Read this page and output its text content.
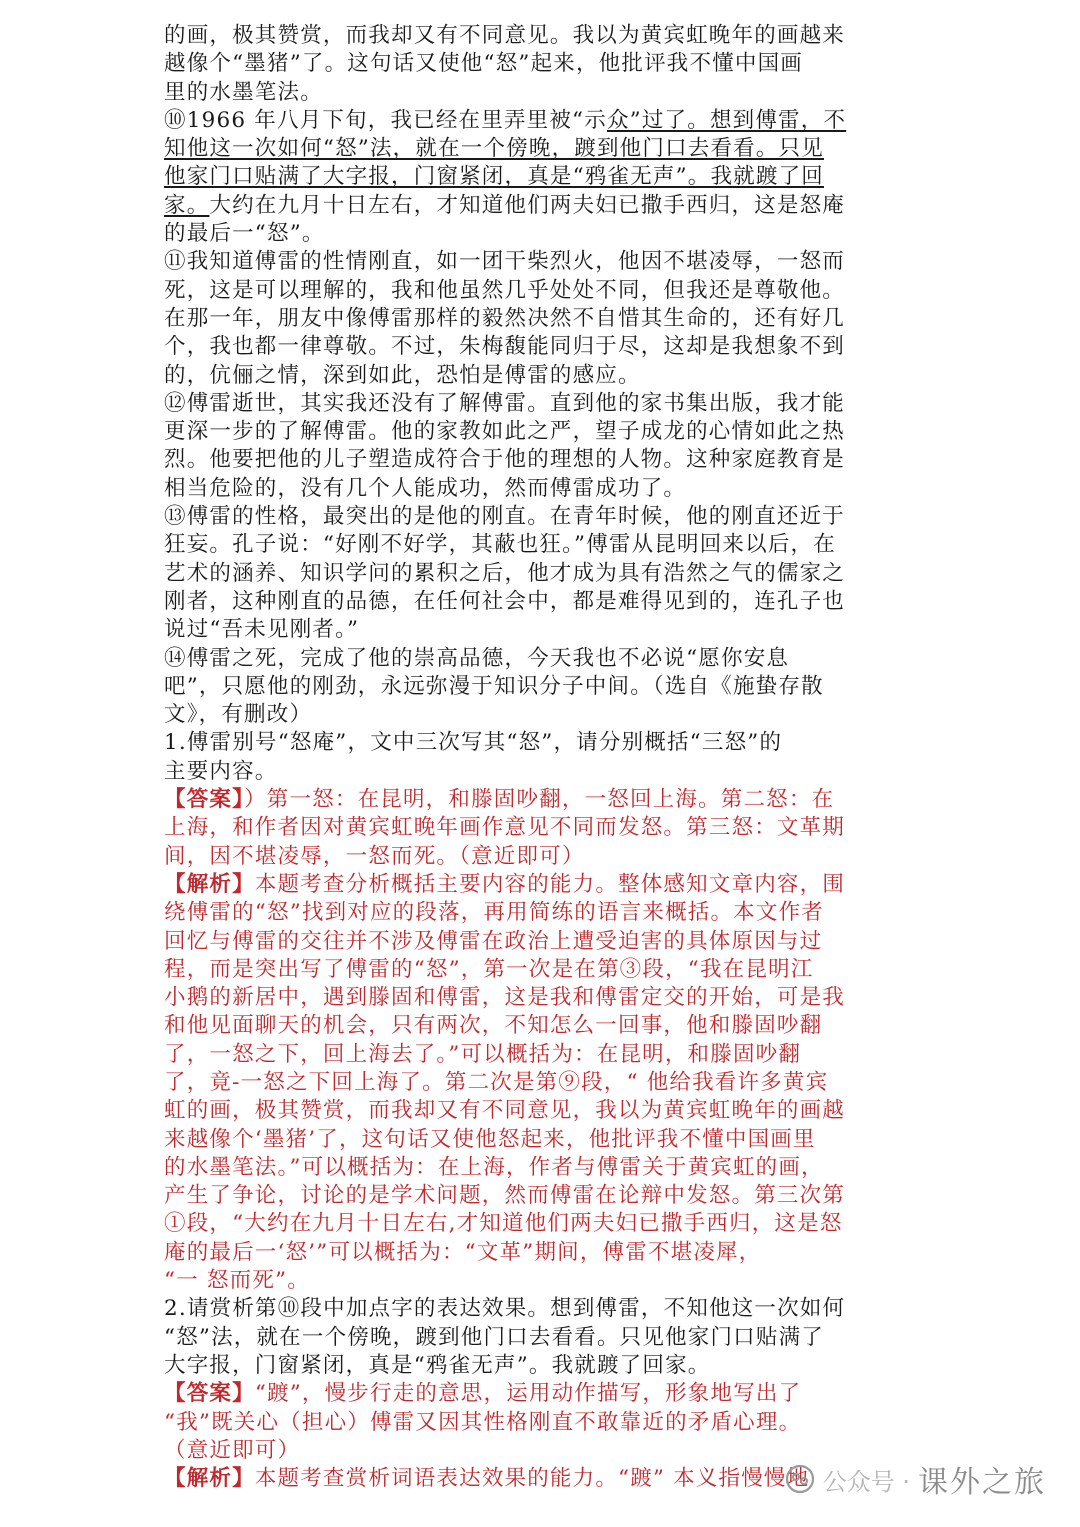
的画，极其赞赏，而我却又有不同意见。我以为黄宾虹晚年的画越来
越像个“墨猪”了。这句话又使他“怒”起来，他批评我不懂中国画
里的水墨笔法。
⑩1966 年八月下旬，我已经在里弄里被“示众”过了。想到傅雷，不
知他这一次如何“怒”法，就在一个傍晚，踱到他门口去看看。只见
他家门口贴满了大字报，门窗紧闭，真是“鸦雀无声”。我就踱了回
家。大约在九月十日左右，才知道他们两夫妇已撒手西归，这是怒庵
的最后一“怒”。
⑪我知道傅雷的性情刚直，如一团干柴烈火，他因不堪凌辱，一怒而
死，这是可以理解的，我和他虽然几乎处处不同，但我还是尊敬他。
在那一年，朋友中像傅雷那样的毅然决然不自惜其生命的，还有好几
个，我也都一律尊敬。不过，朱梅馥能同归于尽，这却是我想象不到
的，伉俪之情，深到如此，恐怕是傅雷的感应。
⑫傅雷逝世，其实我还没有了解傅雷。直到他的家书集出版，我才能
更深一步的了解傅雷。他的家教如此之严，望子成龙的心情如此之热
烈。他要把他的儿子塑造成符合于他的理想的人物。这种家庭教育是
相当危险的，没有几个人能成功，然而傅雷成功了。
⑬傅雷的性格，最突出的是他的刚直。在青年时候，他的刚直还近于
狂妄。孔子说：“好刚不好学，其蔽也狂。”傅雷从昆明回来以后，在
艺术的涵养、知识学问的累积之后，他才成为具有浩然之气的儒家之
刚者，这种刚直的品德，在任何社会中，都是难得见到的，连孔子也
说过“吾未见刚者。”
⑭傅雷之死，完成了他的崇高品德，今天我也不必说“愿你安息
吧”，只愿他的刚劲，永远弥漫于知识分子中间。（选自《施蛰存散
文》，有删改）
1.傅雷别号“怒庵”，文中三次写其“怒”，请分别概括“三怒”的
主要内容。
【答案】）第一怒：在昆明，和滕固吵翻，一怒回上海。第二怒：在
上海，和作者因对黄宾虹晚年画作意见不同而发怒。第三怒：文革期
间，因不堪凌辱，一怒而死。（意近即可）
【解析】本题考查分析概括主要内容的能力。整体感知文章内容，围
绕傅雷的“怒”找到对应的段落，再用简练的语言来概括。本文作者
回忆与傅雷的交往并不涉及傅雷在政治上遭受迫害的具体原因与过
程，而是突出写了傅雷的“怒”，第一次是在第③段，“我在昆明江
小鹅的新居中，遇到滕固和傅雷，这是我和傅雷定交的开始，可是我
和他见面聊天的机会，只有两次，不知怎么一回事，他和滕固吵翻
了，一怒之下，回上海去了。”可以概括为：在昆明，和滕固吵翻
了，竟-一怒之下回上海了。第二次是第⑨段，“ 他给我看许多黄宾
虹的画，极其赞赏，而我却又有不同意见，我以为黄宾虹晚年的画越
来越像个‘墨猪’了，这句话又使他怒起来，他批评我不懂中国画里
的水墨笔法。”可以概括为：在上海，作者与傅雷关于黄宾虹的画，
产生了争论，讨论的是学术问题，然而傅雷在论辩中发怒。第三次第
①段，“大约在九月十日左右,才知道他们两夫妇已撒手西归，这是怒
庵的最后一‘怒’”可以概括为：“文革”期间，傅雷不堪凌犀，
“一 怒而死”。
2.请赏析第⑩段中加点字的表达效果。想到傅雷，不知他这一次如何
“怒”法，就在一个傍晚，踱到他门口去看看。只见他家门口贴满了
大字报，门窗紧闭，真是“鸦雀无声”。我就踱了回家。
【答案】“踱”，慢步行走的意思，运用动作描写，形象地写出了
“我”既关心（担心）傅雷又因其性格刚直不敢靠近的矛盾心理。
（意近即可）
【解析】本题考查赏析词语表达效果的能力。“踱” 本义指慢慢地 公众号 · 课外之旅
